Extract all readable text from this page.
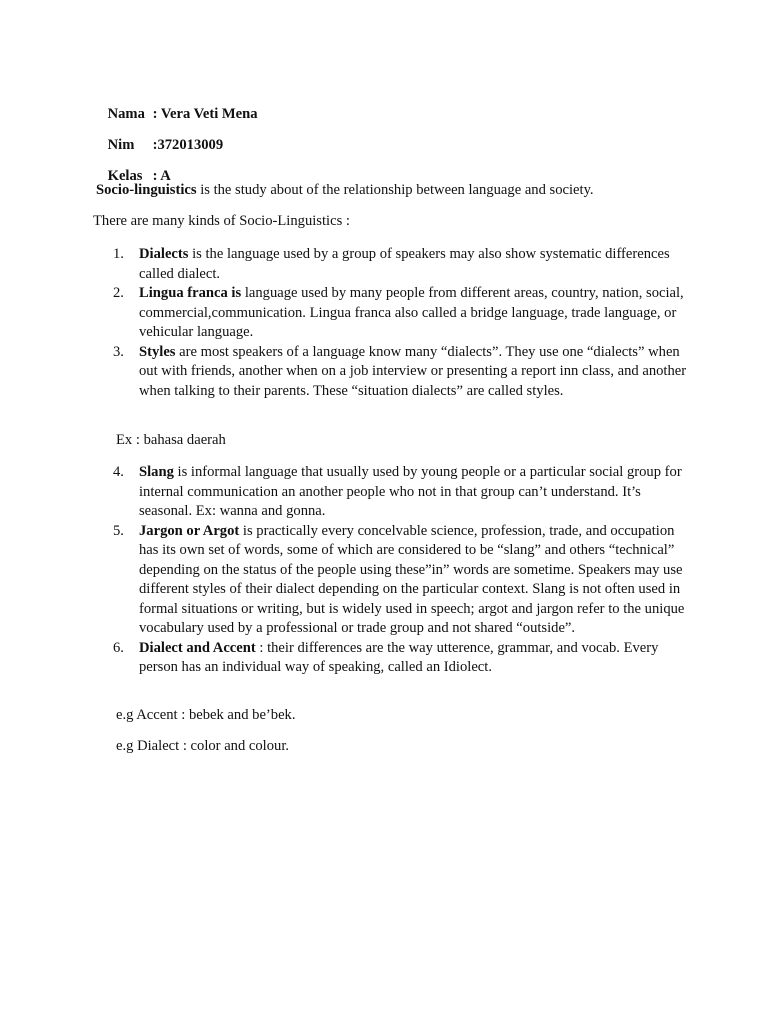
Nama : Vera Veti Mena

Nim :372013009

Kelas : A

Socio-linguistics is the study about of the relationship between language and society.
There are many kinds of Socio-Linguistics :
1. Dialects is the language used by a group of speakers may also show systematic differences called dialect.
2. Lingua franca is language used by many people from different areas, country, nation, social, commercial,communication. Lingua franca also called a bridge language, trade language, or vehicular language.
3. Styles are most speakers of a language know many “dialects”. They use one “dialects” when out with friends, another when on a job interview or presenting a report inn class, and another when talking to their parents. These “situation dialects” are called styles.
Ex : bahasa daerah
4. Slang is informal language that usually used by young people or a particular social group for internal communication an another people who not in that group can’t understand. It’s seasonal. Ex: wanna and gonna.
5. Jargon or Argot is practically every concelvable science, profession, trade, and occupation has its own set of words, some of which are considered to be “slang” and others “technical” depending on the status of the people using these”in” words are sometime. Speakers may use different styles of their dialect depending on the particular context. Slang is not often used in formal situations or writing, but is widely used in speech; argot and jargon refer to the unique vocabulary used by a professional or trade group and not shared “outside”.
6. Dialect and Accent : their differences are the way utterence, grammar, and vocab. Every person has an individual way of speaking, called an Idiolect.
e.g Accent : bebek and be’bek.
e.g Dialect : color and colour.
